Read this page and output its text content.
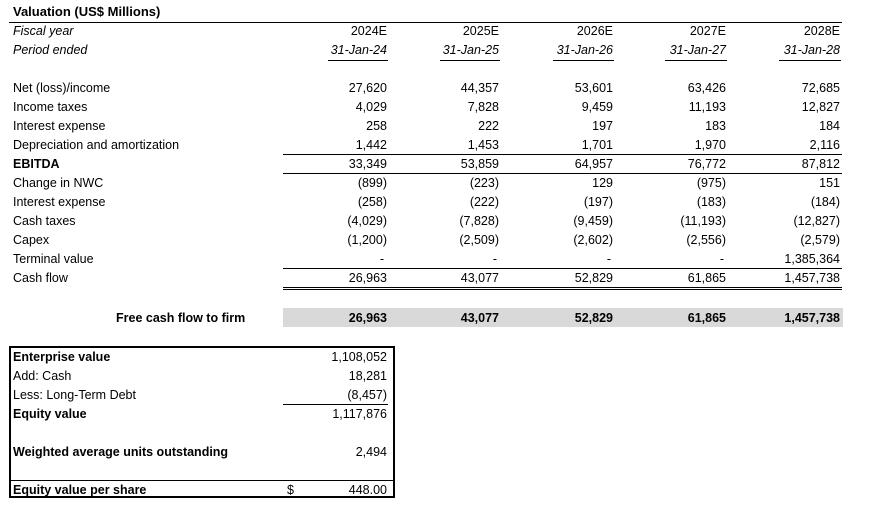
Valuation (US$ Millions)
Fiscal year	2024E	2025E	2026E	2027E	2028E
Period ended	31-Jan-24	31-Jan-25	31-Jan-26	31-Jan-27	31-Jan-28
Net (loss)/income	27,620	44,357	53,601	63,426	72,685
Income taxes	4,029	7,828	9,459	11,193	12,827
Interest expense	258	222	197	183	184
Depreciation and amortization	1,442	1,453	1,701	1,970	2,116
EBITDA	33,349	53,859	64,957	76,772	87,812
Change in NWC	(899)	(223)	129	(975)	151
Interest expense	(258)	(222)	(197)	(183)	(184)
Cash taxes	(4,029)	(7,828)	(9,459)	(11,193)	(12,827)
Capex	(1,200)	(2,509)	(2,602)	(2,556)	(2,579)
Terminal value	-	-	-	-	1,385,364
Cash flow	26,963	43,077	52,829	61,865	1,457,738
Free cash flow to firm	26,963	43,077	52,829	61,865	1,457,738
Enterprise value	1,108,052
Add: Cash	18,281
Less: Long-Term Debt	(8,457)
Equity value	1,117,876
Weighted average units outstanding	2,494
Equity value per share	$	448.00
